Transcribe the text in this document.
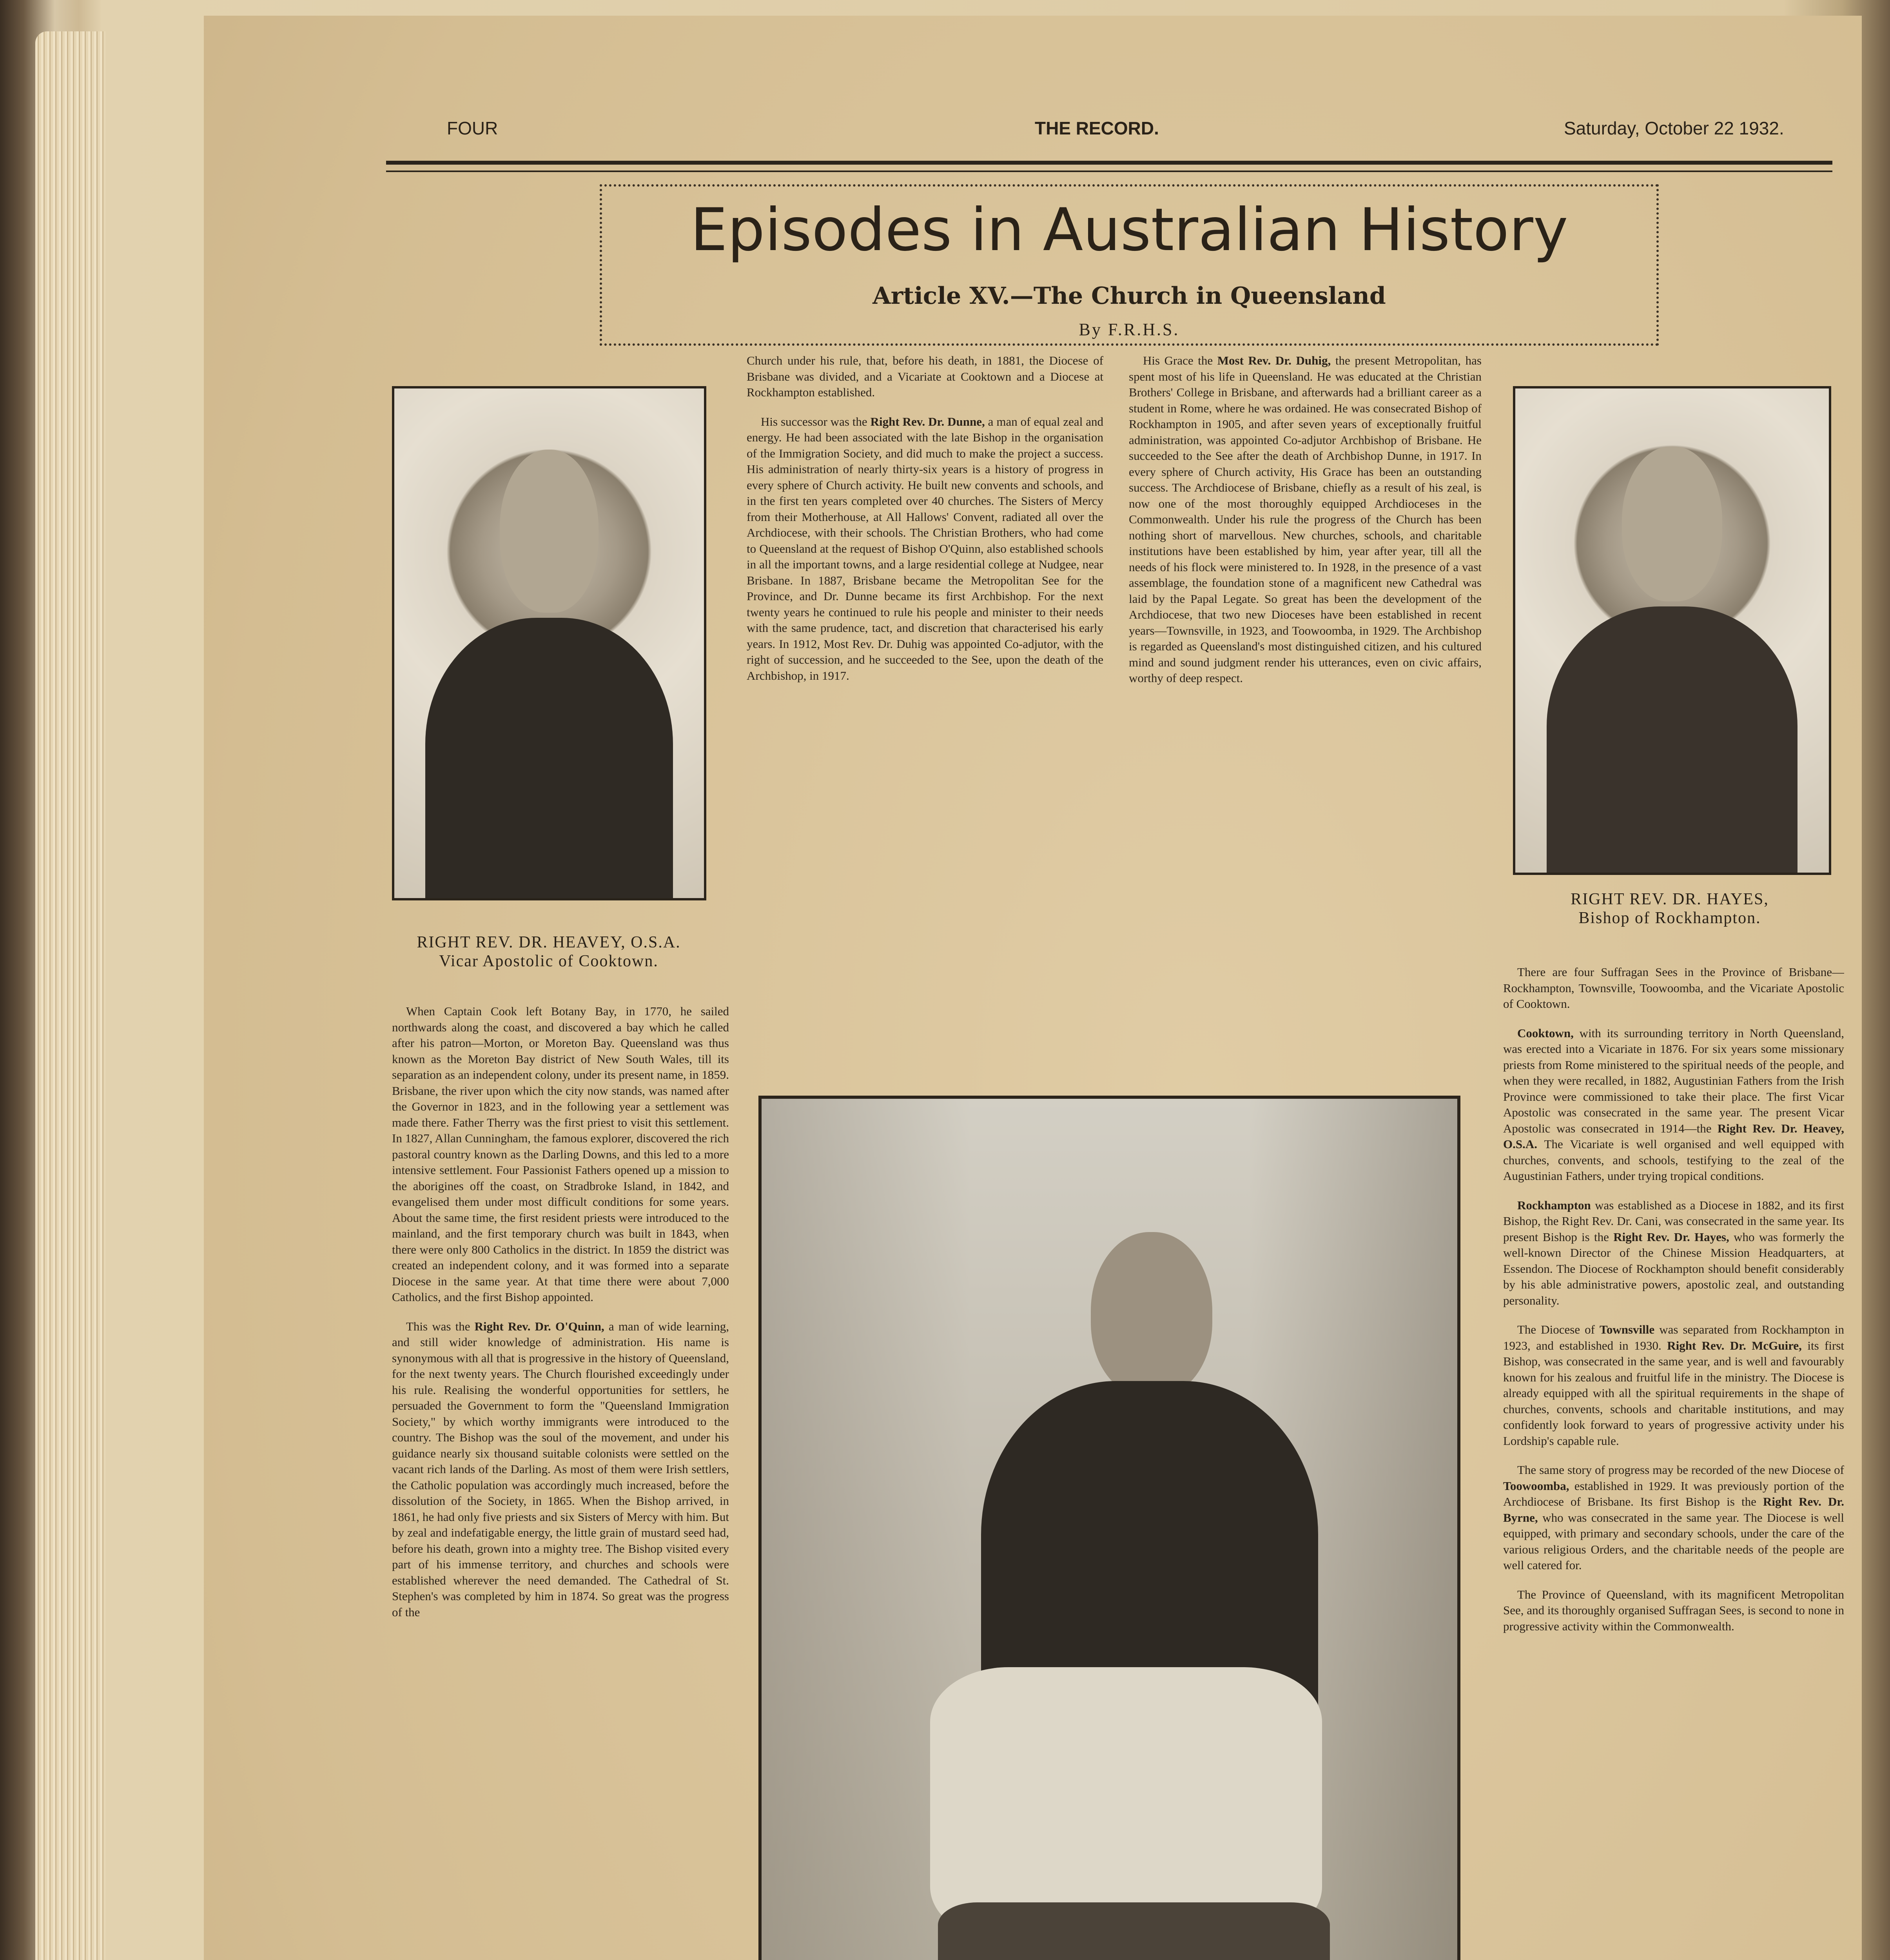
FOUR	THE RECORD.	Saturday, October 22 1932.
Episodes in Australian History
Article XV.—The Church in Queensland
By F.R.H.S.
RIGHT REV. DR. HEAVEY, O.S.A.
Vicar Apostolic of Cooktown.
RIGHT REV. DR. HAYES,
Bishop of Rockhampton.

When Captain Cook left Botany Bay, in 1770, he sailed northwards along the coast, and discovered a bay which he called after his patron—Morton, or Moreton Bay. Queensland was thus known as the Moreton Bay district of New South Wales, till its separation as an independent colony, under its present name, in 1859. Brisbane, the river upon which the city now stands, was named after the Governor in 1823, and in the following year a settlement was made there. Father Therry was the first priest to visit this settlement. In 1827, Allan Cunningham, the famous explorer, discovered the rich pastoral country known as the Darling Downs, and this led to a more intensive settlement. Four Passionist Fathers opened up a mission to the aborigines off the coast, on Stradbroke Island, in 1842, and evangelised them under most difficult conditions for some years. About the same time, the first resident priests were introduced to the mainland, and the first temporary church was built in 1843, when there were only 800 Catholics in the district. In 1859 the district was created an independent colony, and it was formed into a separate Diocese in the same year. At that time there were about 7,000 Catholics, and the first Bishop appointed.

This was the Right Rev. Dr. O'Quinn, a man of wide learning, and still wider knowledge of administration. His name is synonymous with all that is progressive in the history of Queensland, for the next twenty years. The Church flourished exceedingly under his rule. Realising the wonderful opportunities for settlers, he persuaded the Government to form the "Queensland Immigration Society," by which worthy immigrants were introduced to the country. The Bishop was the soul of the movement, and under his guidance nearly six thousand suitable colonists were settled on the vacant rich lands of the Darling. As most of them were Irish settlers, the Catholic population was accordingly much increased, before the dissolution of the Society, in 1865. When the Bishop arrived, in 1861, he had only five priests and six Sisters of Mercy with him. But by zeal and indefatigable energy, the little grain of mustard seed had, before his death, grown into a mighty tree. The Bishop visited every part of his immense territory, and churches and schools were established wherever the need demanded. The Cathedral of St. Stephen's was completed by him in 1874. So great was the progress of the

Church under his rule, that, before his death, in 1881, the Diocese of Brisbane was divided, and a Vicariate at Cooktown and a Diocese at Rockhampton established.

His successor was the Right Rev. Dr. Dunne, a man of equal zeal and energy. He had been associated with the late Bishop in the organisation of the Immigration Society, and did much to make the project a success. His administration of nearly thirty-six years is a history of progress in every sphere of Church activity. He built new convents and schools, and in the first ten years completed over 40 churches. The Sisters of Mercy from their Motherhouse, at All Hallows' Convent, radiated all over the Archdiocese, with their schools. The Christian Brothers, who had come to Queensland at the request of Bishop O'Quinn, also established schools in all the important towns, and a large residential college at Nudgee, near Brisbane. In 1887, Brisbane became the Metropolitan See for the Province, and Dr. Dunne became its first Archbishop. For the next twenty years he continued to rule his people and minister to their needs with the same prudence, tact, and discretion that characterised his early years. In 1912, Most Rev. Dr. Duhig was appointed Co-adjutor, with the right of succession, and he succeeded to the See, upon the death of the Archbishop, in 1917.

His Grace the Most Rev. Dr. Duhig, the present Metropolitan, has spent most of his life in Queensland. He was educated at the Christian Brothers' College in Brisbane, and afterwards had a brilliant career as a student in Rome, where he was ordained. He was consecrated Bishop of Rockhampton in 1905, and after seven years of exceptionally fruitful administration, was appointed Co-adjutor Archbishop of Brisbane. He succeeded to the See after the death of Archbishop Dunne, in 1917. In every sphere of Church activity, His Grace has been an outstanding success. The Archdiocese of Brisbane, chiefly as a result of his zeal, is now one of the most thoroughly equipped Archdioceses in the Commonwealth. Under his rule the progress of the Church has been nothing short of marvellous. New churches, schools, and charitable institutions have been established by him, year after year, till all the needs of his flock were ministered to. In 1928, in the presence of a vast assemblage, the foundation stone of a magnificent new Cathedral was laid by the Papal Legate. So great has been the development of the Archdiocese, that two new Dioceses have been established in recent years—Townsville, in 1923, and Toowoomba, in 1929. The Archbishop is regarded as Queensland's most distinguished citizen, and his cultured mind and sound judgment render his utterances, even on civic affairs, worthy of deep respect.

There are four Suffragan Sees in the Province of Brisbane—Rockhampton, Townsville, Toowoomba, and the Vicariate Apostolic of Cooktown.

Cooktown, with its surrounding territory in North Queensland, was erected into a Vicariate in 1876. For six years some missionary priests from Rome ministered to the spiritual needs of the people, and when they were recalled, in 1882, Augustinian Fathers from the Irish Province were commissioned to take their place. The first Vicar Apostolic was consecrated in the same year. The present Vicar Apostolic was consecrated in 1914—the Right Rev. Dr. Heavey, O.S.A. The Vicariate is well organised and well equipped with churches, convents, and schools, testifying to the zeal of the Augustinian Fathers, under trying tropical conditions.

Rockhampton was established as a Diocese in 1882, and its first Bishop, the Right Rev. Dr. Cani, was consecrated in the same year. Its present Bishop is the Right Rev. Dr. Hayes, who was formerly the well-known Director of the Chinese Mission Headquarters, at Essendon. The Diocese of Rockhampton should benefit considerably by his able administrative powers, apostolic zeal, and outstanding personality.

The Diocese of Townsville was separated from Rockhampton in 1923, and established in 1930. Right Rev. Dr. McGuire, its first Bishop, was consecrated in the same year, and is well and favourably known for his zealous and fruitful life in the ministry. The Diocese is already equipped with all the spiritual requirements in the shape of churches, convents, schools and charitable institutions, and may confidently look forward to years of progressive activity under his Lordship's capable rule.

The same story of progress may be recorded of the new Diocese of Toowoomba, established in 1929. It was previously portion of the Archdiocese of Brisbane. Its first Bishop is the Right Rev. Dr. Byrne, who was consecrated in the same year. The Diocese is well equipped, with primary and secondary schools, under the care of the various religious Orders, and the charitable needs of the people are well catered for.

The Province of Queensland, with its magnificent Metropolitan See, and its thoroughly organised Suffragan Sees, is second to none in progressive activity within the Commonwealth.
